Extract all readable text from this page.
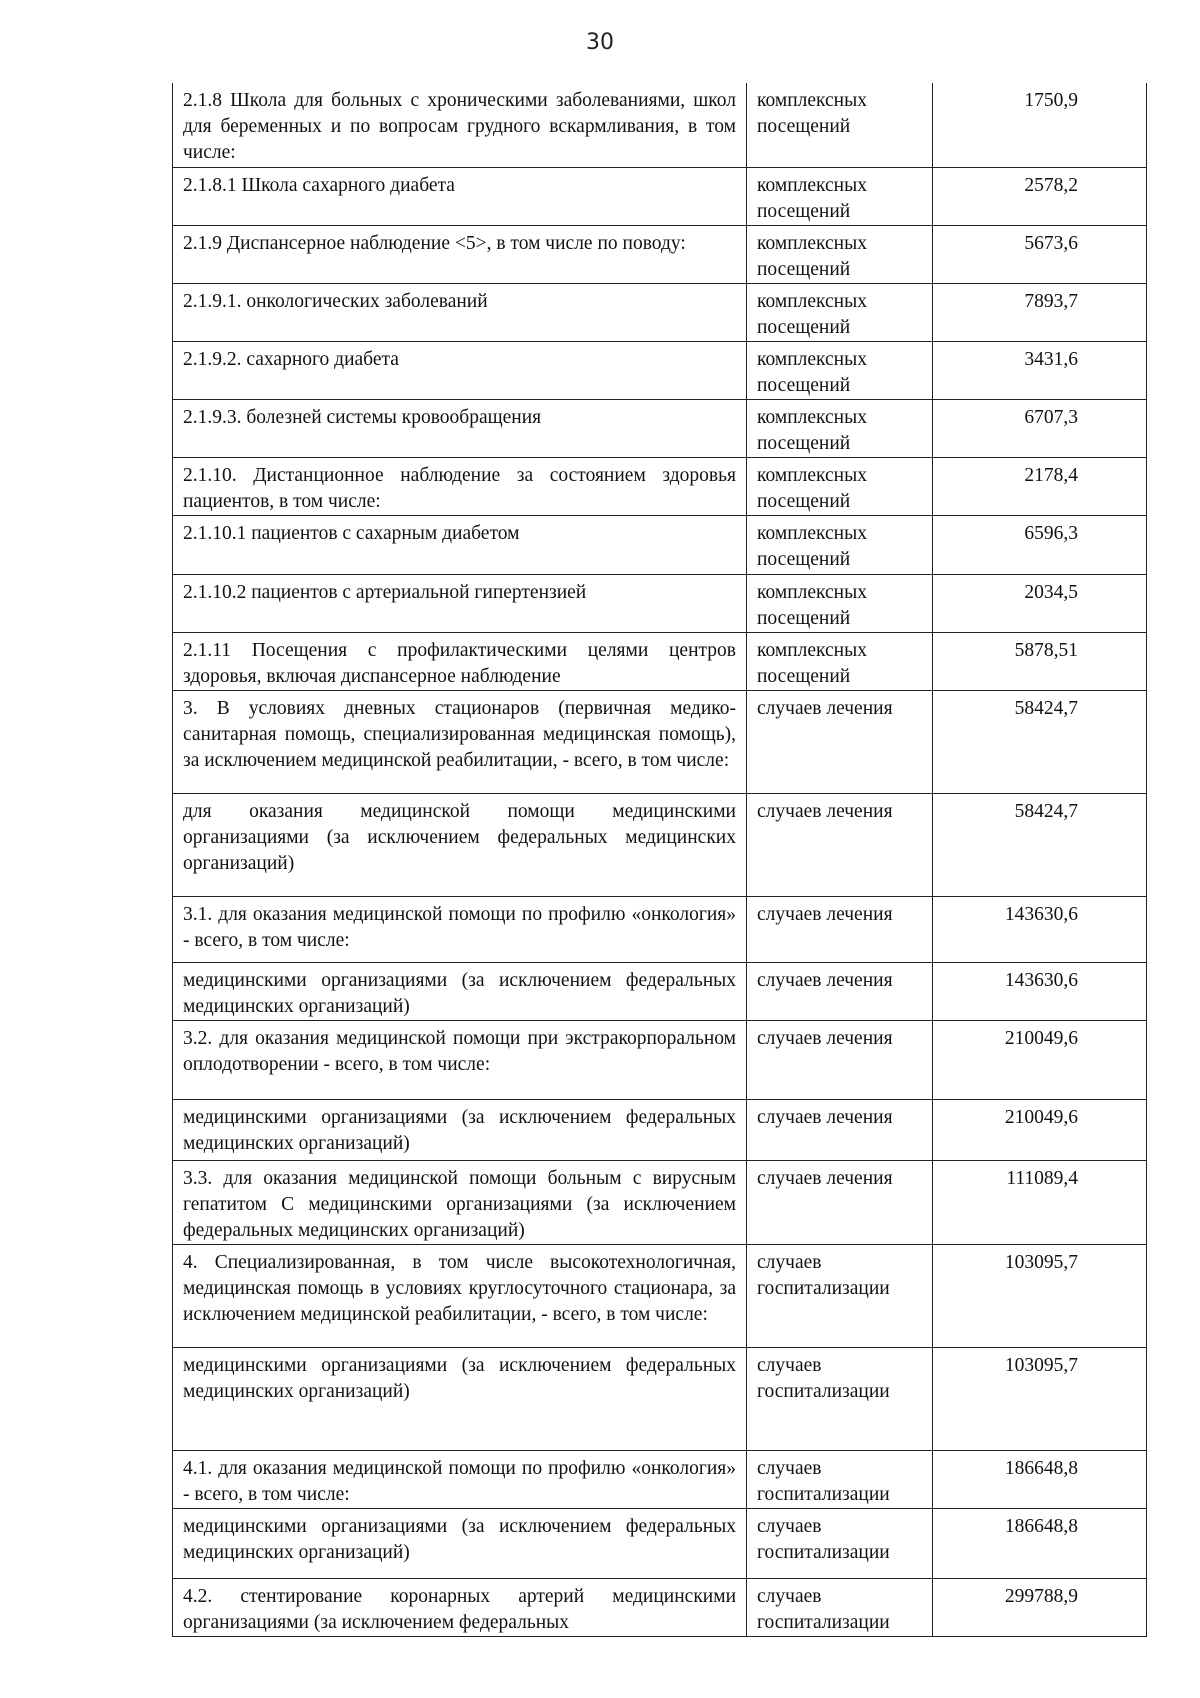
30
2.1.8 Школа для больных с хроническими заболеваниями, школ для беременных и по вопросам грудного вскармливания, в том числе:	комплексных посещений	1750,9
2.1.8.1 Школа сахарного диабета	комплексных посещений	2578,2
2.1.9 Диспансерное наблюдение <5>, в том числе по поводу:	комплексных посещений	5673,6
2.1.9.1. онкологических заболеваний	комплексных посещений	7893,7
2.1.9.2. сахарного диабета	комплексных посещений	3431,6
2.1.9.3. болезней системы кровообращения	комплексных посещений	6707,3
2.1.10. Дистанционное наблюдение за состоянием здоровья пациентов, в том числе:	комплексных посещений	2178,4
2.1.10.1 пациентов с сахарным диабетом	комплексных посещений	6596,3
2.1.10.2 пациентов с артериальной гипертензией	комплексных посещений	2034,5
2.1.11 Посещения с профилактическими целями центров здоровья, включая диспансерное наблюдение	комплексных посещений	5878,51
3. В условиях дневных стационаров (первичная медико-санитарная помощь, специализированная медицинская помощь), за исключением медицинской реабилитации, - всего, в том числе:	случаев лечения	58424,7
для оказания медицинской помощи медицинскими организациями (за исключением федеральных медицинских организаций)	случаев лечения	58424,7
3.1. для оказания медицинской помощи по профилю «онкология» - всего, в том числе:	случаев лечения	143630,6
медицинскими организациями (за исключением федеральных медицинских организаций)	случаев лечения	143630,6
3.2. для оказания медицинской помощи при экстракорпоральном оплодотворении - всего, в том числе:	случаев лечения	210049,6
медицинскими организациями (за исключением федеральных медицинских организаций)	случаев лечения	210049,6
3.3. для оказания медицинской помощи больным с вирусным гепатитом C медицинскими организациями (за исключением федеральных медицинских организаций)	случаев лечения	111089,4
4. Специализированная, в том числе высокотехнологичная, медицинская помощь в условиях круглосуточного стационара, за исключением медицинской реабилитации, - всего, в том числе:	случаев госпитализации	103095,7
медицинскими организациями (за исключением федеральных медицинских организаций)	случаев госпитализации	103095,7
4.1. для оказания медицинской помощи по профилю «онкология» - всего, в том числе:	случаев госпитализации	186648,8
медицинскими организациями (за исключением федеральных медицинских организаций)	случаев госпитализации	186648,8
4.2. стентирование коронарных артерий медицинскими организациями (за исключением федеральных	случаев госпитализации	299788,9
